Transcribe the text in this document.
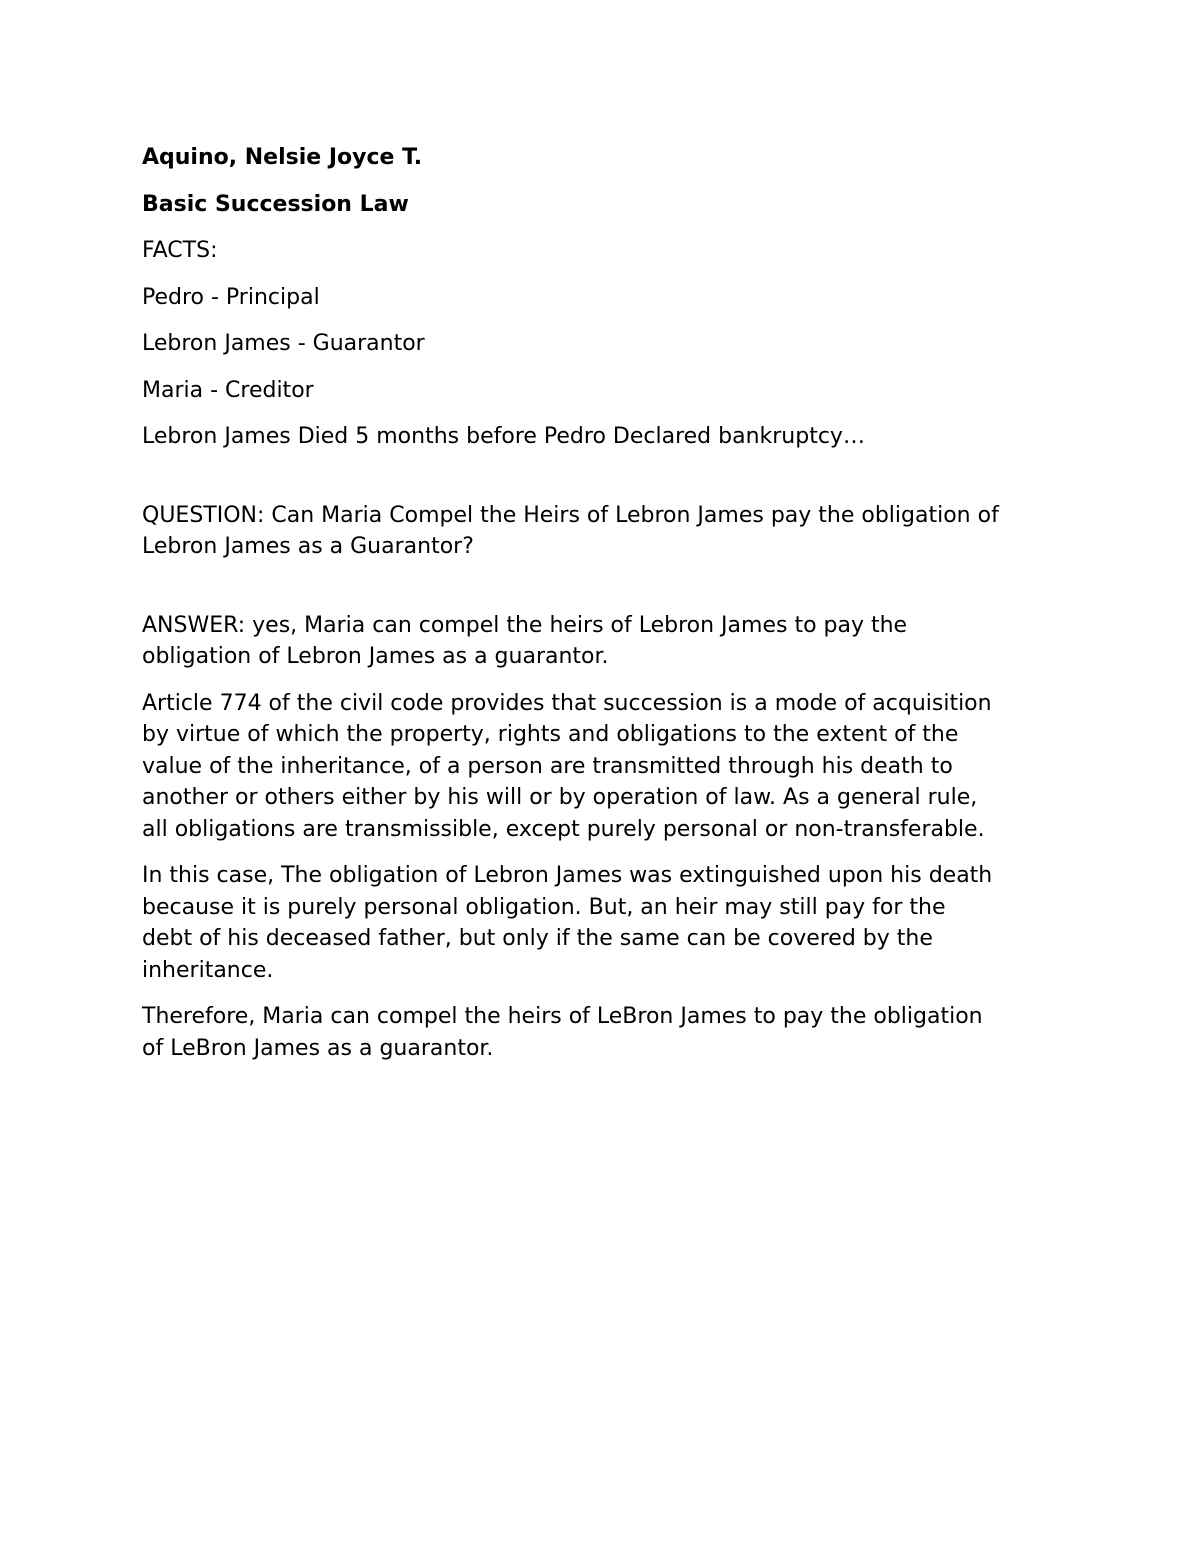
Aquino, Nelsie Joyce T.

Basic Succession Law

FACTS:

Pedro - Principal

Lebron James - Guarantor

Maria - Creditor

Lebron James Died 5 months before Pedro Declared bankruptcy…

QUESTION: Can Maria Compel the Heirs of Lebron James pay the obligation of

Lebron James as a Guarantor?

ANSWER: yes, Maria can compel the heirs of Lebron James to pay the

obligation of Lebron James as a guarantor.

Article 774 of the civil code provides that succession is a mode of acquisition

by virtue of which the property, rights and obligations to the extent of the

value of the inheritance, of a person are transmitted through his death to

another or others either by his will or by operation of law. As a general rule,

all obligations are transmissible, except purely personal or non-transferable.

In this case, The obligation of Lebron James was extinguished upon his death

because it is purely personal obligation. But, an heir may still pay for the

debt of his deceased father, but only if the same can be covered by the

inheritance.

Therefore, Maria can compel the heirs of LeBron James to pay the obligation

of LeBron James as a guarantor.
